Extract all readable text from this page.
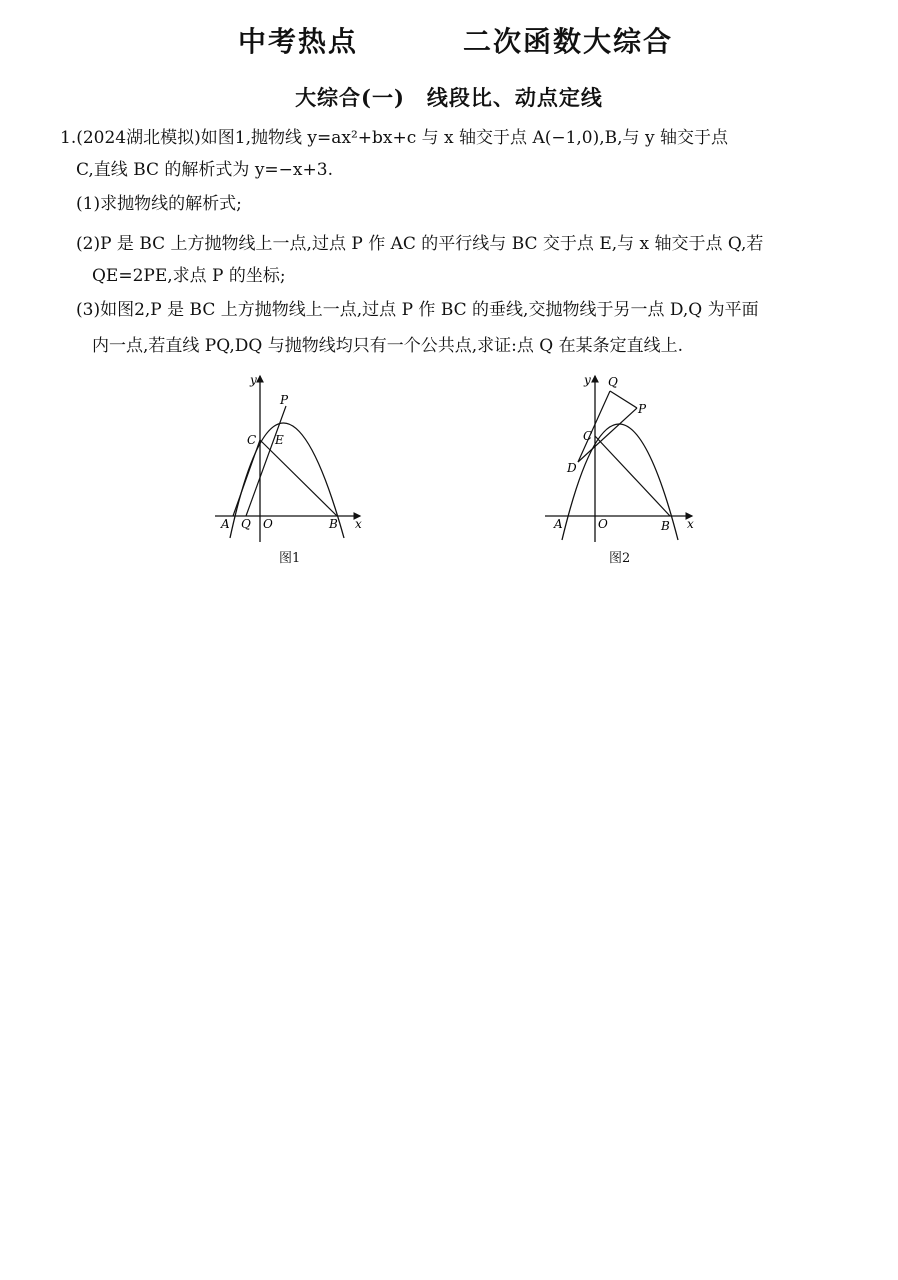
中考热点	二次函数大综合
大综合(一)　线段比、动点定线
1.(2024湖北模拟)如图1,抛物线 y=ax²+bx+c 与 x 轴交于点 A(−1,0),B,与 y 轴交于点
C,直线 BC 的解析式为 y=−x+3.
(1)求抛物线的解析式;
(2)P 是 BC 上方抛物线上一点,过点 P 作 AC 的平行线与 BC 交于点 E,与 x 轴交于点 Q,若
QE=2PE,求点 P 的坐标;
(3)如图2,P 是 BC 上方抛物线上一点,过点 P 作 BC 的垂线,交抛物线于另一点 D,Q 为平面
内一点,若直线 PQ,DQ 与抛物线均只有一个公共点,求证:点 Q 在某条定直线上.
y
x
P
C E
A Q O	B
图1
y
x
Q
P
C
D
A	O	B
图2
